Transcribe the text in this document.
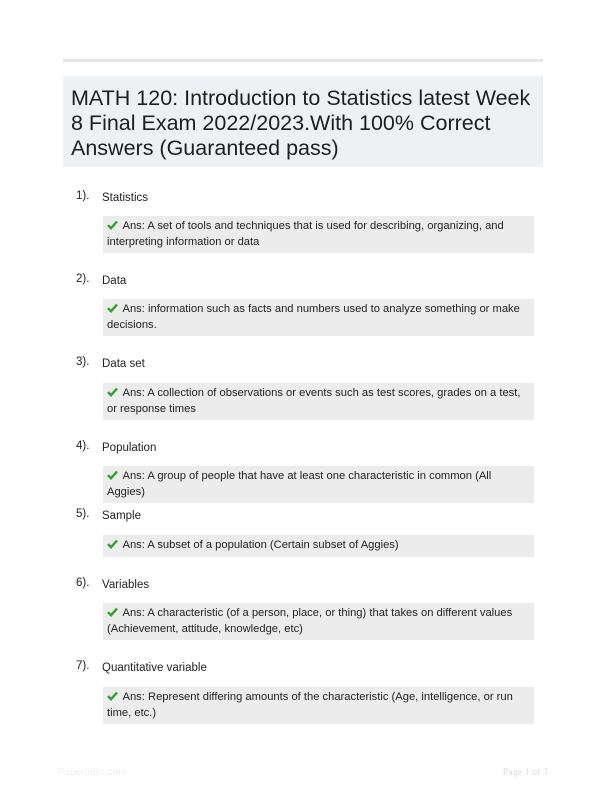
MATH 120: Introduction to Statistics latest Week 8 Final Exam 2022/2023.With 100% Correct Answers (Guaranteed pass)
1). Statistics
Ans: A set of tools and techniques that is used for describing, organizing, and interpreting information or data
2). Data
Ans: information such as facts and numbers used to analyze something or make decisions.
3). Data set
Ans: A collection of observations or events such as test scores, grades on a test, or response times
4). Population
Ans: A group of people that have at least one characteristic in common (All Aggies)
5). Sample
Ans: A subset of a population (Certain subset of Aggies)
6). Variables
Ans: A characteristic (of a person, place, or thing) that takes on different values (Achievement, attitude, knowledge, etc)
7). Quantitative variable
Ans: Represent differing amounts of the characteristic (Age, intelligence, or run time, etc.)
Paperfollic.com	Page 1 of 3
